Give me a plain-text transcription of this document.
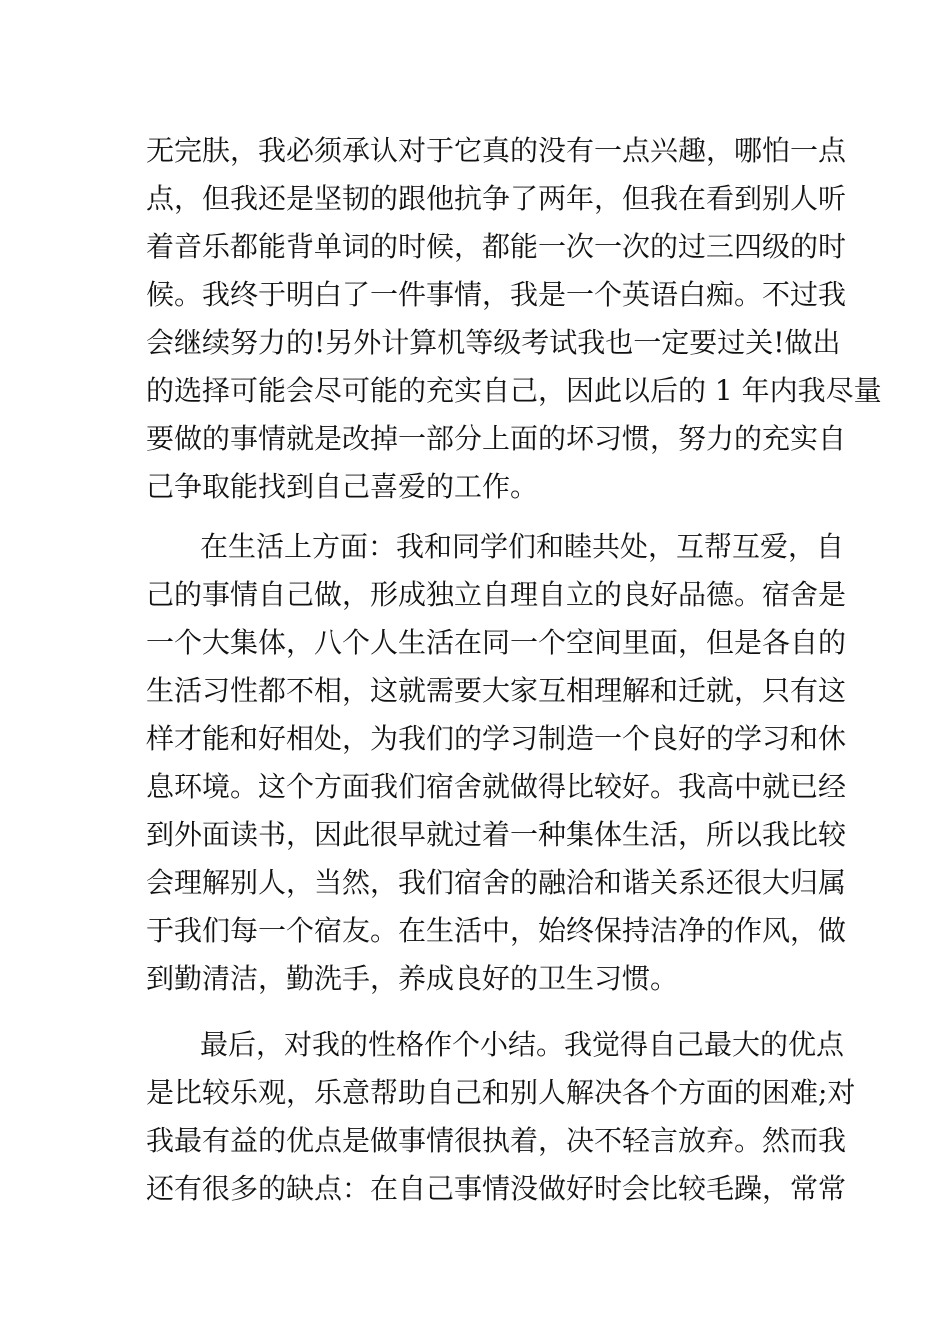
无完肤，我必须承认对于它真的没有一点兴趣，哪怕一点
点，但我还是坚韧的跟他抗争了两年，但我在看到别人听
着音乐都能背单词的时候，都能一次一次的过三四级的时
候。我终于明白了一件事情，我是一个英语白痴。不过我
会继续努力的!另外计算机等级考试我也一定要过关!做出
的选择可能会尽可能的充实自己，因此以后的 1 年内我尽量
要做的事情就是改掉一部分上面的坏习惯，努力的充实自
己争取能找到自己喜爱的工作。
在生活上方面：我和同学们和睦共处，互帮互爱，自
己的事情自己做，形成独立自理自立的良好品德。宿舍是
一个大集体，八个人生活在同一个空间里面，但是各自的
生活习性都不相，这就需要大家互相理解和迁就，只有这
样才能和好相处，为我们的学习制造一个良好的学习和休
息环境。这个方面我们宿舍就做得比较好。我高中就已经
到外面读书，因此很早就过着一种集体生活，所以我比较
会理解别人，当然，我们宿舍的融洽和谐关系还很大归属
于我们每一个宿友。在生活中，始终保持洁净的作风，做
到勤清洁，勤洗手，养成良好的卫生习惯。
最后，对我的性格作个小结。我觉得自己最大的优点
是比较乐观，乐意帮助自己和别人解决各个方面的困难;对
我最有益的优点是做事情很执着，决不轻言放弃。然而我
还有很多的缺点：在自己事情没做好时会比较毛躁，常常
